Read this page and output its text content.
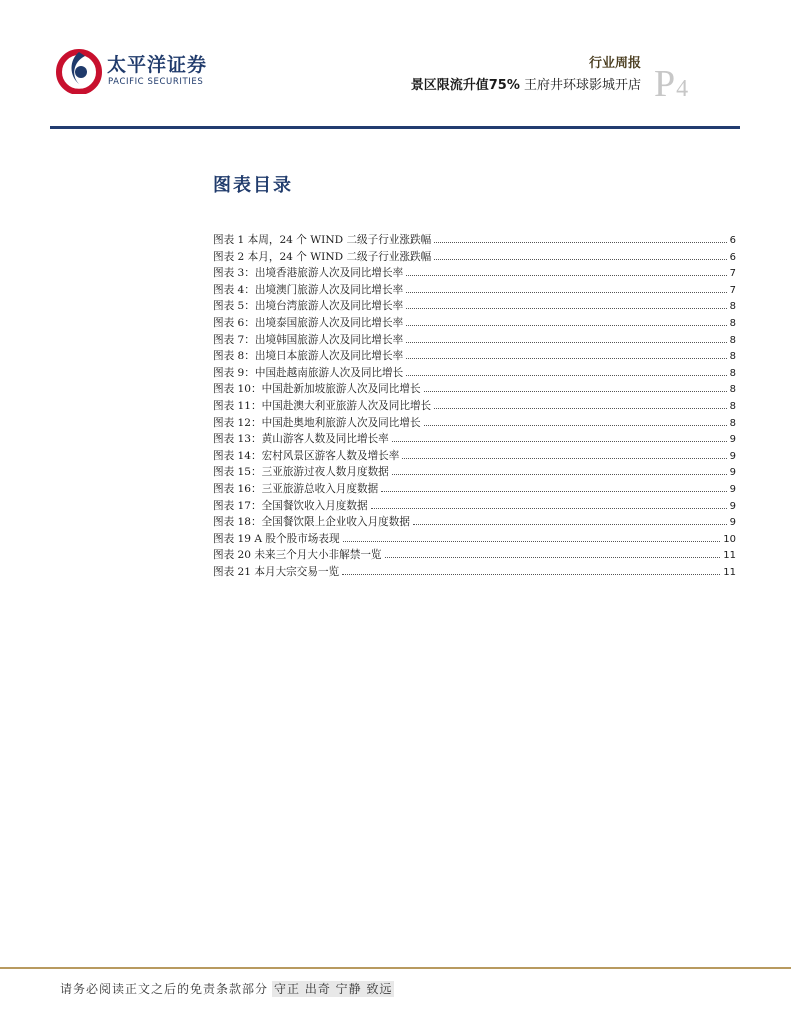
太平洋证券
PACIFIC SECURITIES
行业周报
景区限流升值75% 王府井环球影城开店 P4
图表目录
图表 1 本周，24 个 WIND 二级子行业涨跌幅	6
图表 2 本月，24 个 WIND 二级子行业涨跌幅	6
图表 3：出境香港旅游人次及同比增长率	7
图表 4：出境澳门旅游人次及同比增长率	7
图表 5：出境台湾旅游人次及同比增长率	8
图表 6：出境泰国旅游人次及同比增长率	8
图表 7：出境韩国旅游人次及同比增长率	8
图表 8：出境日本旅游人次及同比增长率	8
图表 9：中国赴越南旅游人次及同比增长	8
图表 10：中国赴新加坡旅游人次及同比增长	8
图表 11：中国赴澳大利亚旅游人次及同比增长	8
图表 12：中国赴奥地利旅游人次及同比增长	8
图表 13：黄山游客人数及同比增长率	9
图表 14：宏村风景区游客人数及增长率	9
图表 15：三亚旅游过夜人数月度数据	9
图表 16：三亚旅游总收入月度数据	9
图表 17：全国餐饮收入月度数据	9
图表 18：全国餐饮限上企业收入月度数据	9
图表 19 A 股个股市场表现	10
图表 20 未来三个月大小非解禁一览	11
图表 21 本月大宗交易一览	11
请务必阅读正文之后的免责条款部分 守正 出奇 宁静 致远
